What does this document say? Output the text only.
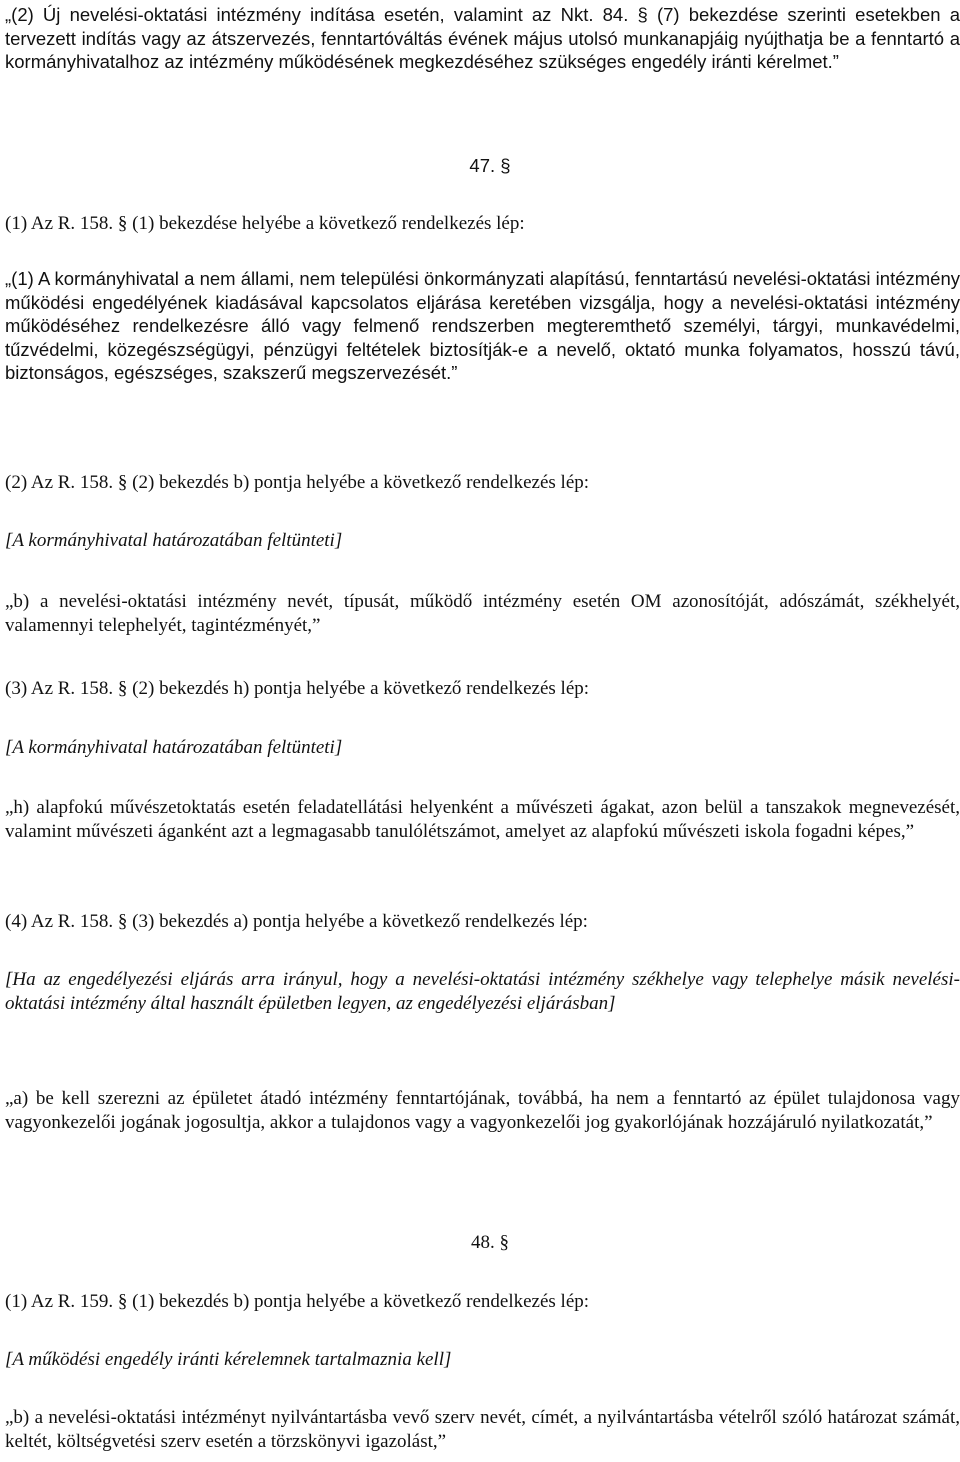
„(2) Új nevelési-oktatási intézmény indítása esetén, valamint az Nkt. 84. § (7) bekezdése szerinti esetekben a tervezett indítás vagy az átszervezés, fenntartóváltás évének május utolsó munkanapjáig nyújthatja be a fenntartó a kormányhivatalhoz az intézmény működésének megkezdéséhez szükséges engedély iránti kérelmet.”

47. §

(1) Az R. 158. § (1) bekezdése helyébe a következő rendelkezés lép:

„(1) A kormányhivatal a nem állami, nem települési önkormányzati alapítású, fenntartású nevelési-oktatási intézmény működési engedélyének kiadásával kapcsolatos eljárása keretében vizsgálja, hogy a nevelési-oktatási intézmény működéséhez rendelkezésre álló vagy felmenő rendszerben megteremthető személyi, tárgyi, munkavédelmi, tűzvédelmi, közegészségügyi, pénzügyi feltételek biztosítják-e a nevelő, oktató munka folyamatos, hosszú távú, biztonságos, egészséges, szakszerű megszervezését.”

(2) Az R. 158. § (2) bekezdés b) pontja helyébe a következő rendelkezés lép:

[A kormányhivatal határozatában feltünteti]

„b) a nevelési-oktatási intézmény nevét, típusát, működő intézmény esetén OM azonosítóját, adószámát, székhelyét, valamennyi telephelyét, tagintézményét,”

(3) Az R. 158. § (2) bekezdés h) pontja helyébe a következő rendelkezés lép:

[A kormányhivatal határozatában feltünteti]

„h) alapfokú művészetoktatás esetén feladatellátási helyenként a művészeti ágakat, azon belül a tanszakok megnevezését, valamint művészeti áganként azt a legmagasabb tanulólétszámot, amelyet az alapfokú művészeti iskola fogadni képes,”

(4) Az R. 158. § (3) bekezdés a) pontja helyébe a következő rendelkezés lép:

[Ha az engedélyezési eljárás arra irányul, hogy a nevelési-oktatási intézmény székhelye vagy telephelye másik nevelési-oktatási intézmény által használt épületben legyen, az engedélyezési eljárásban]

„a) be kell szerezni az épületet átadó intézmény fenntartójának, továbbá, ha nem a fenntartó az épület tulajdonosa vagy vagyonkezelői jogának jogosultja, akkor a tulajdonos vagy a vagyonkezelői jog gyakorlójának hozzájáruló nyilatkozatát,”

48. §

(1) Az R. 159. § (1) bekezdés b) pontja helyébe a következő rendelkezés lép:

[A működési engedély iránti kérelemnek tartalmaznia kell]

„b) a nevelési-oktatási intézményt nyilvántartásba vevő szerv nevét, címét, a nyilvántartásba vételről szóló határozat számát, keltét, költségvetési szerv esetén a törzskönyvi igazolást,”
